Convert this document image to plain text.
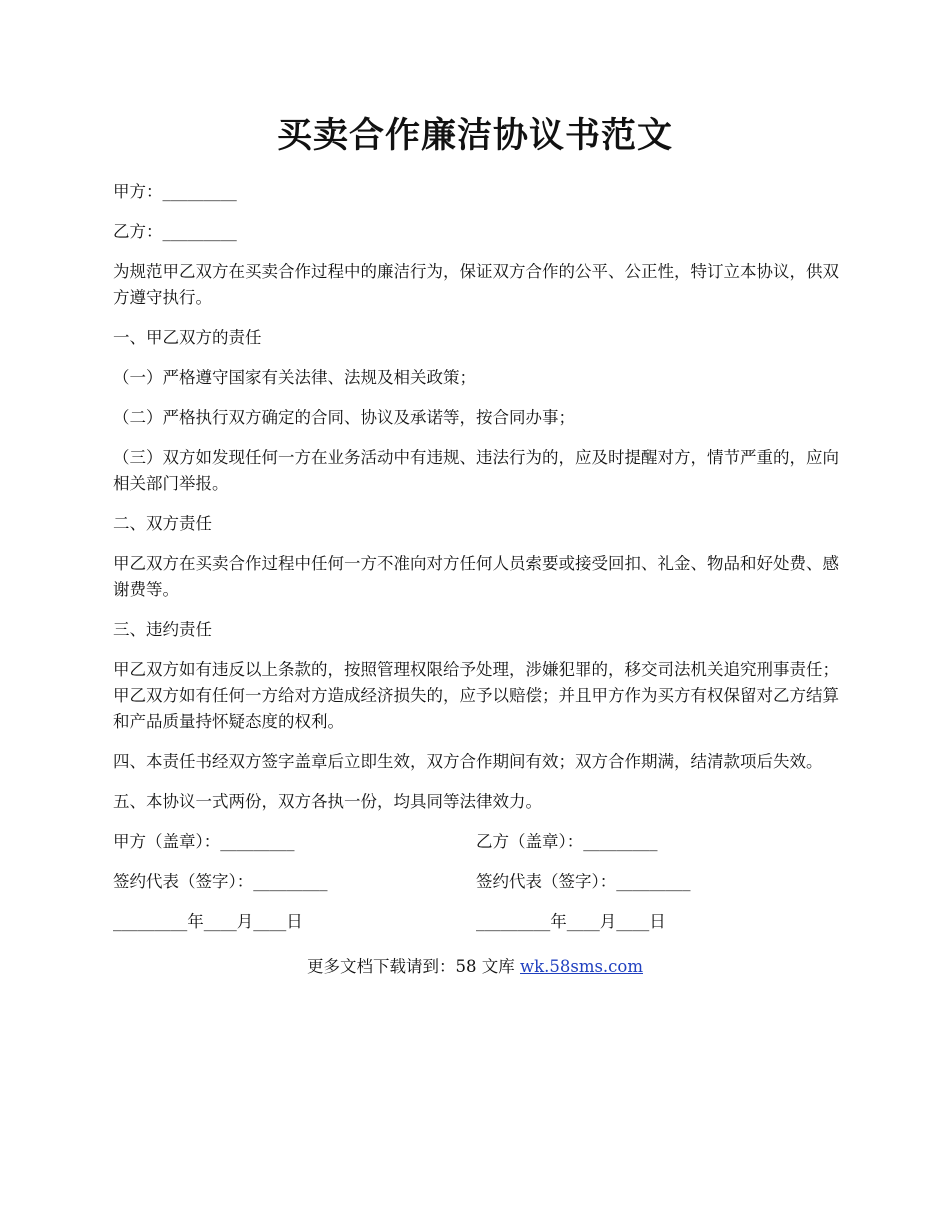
买卖合作廉洁协议书范文

甲方：_________

乙方：_________

为规范甲乙双方在买卖合作过程中的廉洁行为，保证双方合作的公平、公正性，特订立本协议，供双方遵守执行。

一、甲乙双方的责任

（一）严格遵守国家有关法律、法规及相关政策；

（二）严格执行双方确定的合同、协议及承诺等，按合同办事；

（三）双方如发现任何一方在业务活动中有违规、违法行为的，应及时提醒对方，情节严重的，应向相关部门举报。

二、双方责任

甲乙双方在买卖合作过程中任何一方不准向对方任何人员索要或接受回扣、礼金、物品和好处费、感谢费等。

三、违约责任

甲乙双方如有违反以上条款的，按照管理权限给予处理，涉嫌犯罪的，移交司法机关追究刑事责任；甲乙双方如有任何一方给对方造成经济损失的，应予以赔偿；并且甲方作为买方有权保留对乙方结算和产品质量持怀疑态度的权利。

四、本责任书经双方签字盖章后立即生效，双方合作期间有效；双方合作期满，结清款项后失效。

五、本协议一式两份，双方各执一份，均具同等法律效力。

甲方（盖章）：_________	乙方（盖章）：_________
签约代表（签字）：_________	签约代表（签字）：_________
_________年____月____日	_________年____月____日
更多文档下载请到：58 文库 wk.58sms.com
